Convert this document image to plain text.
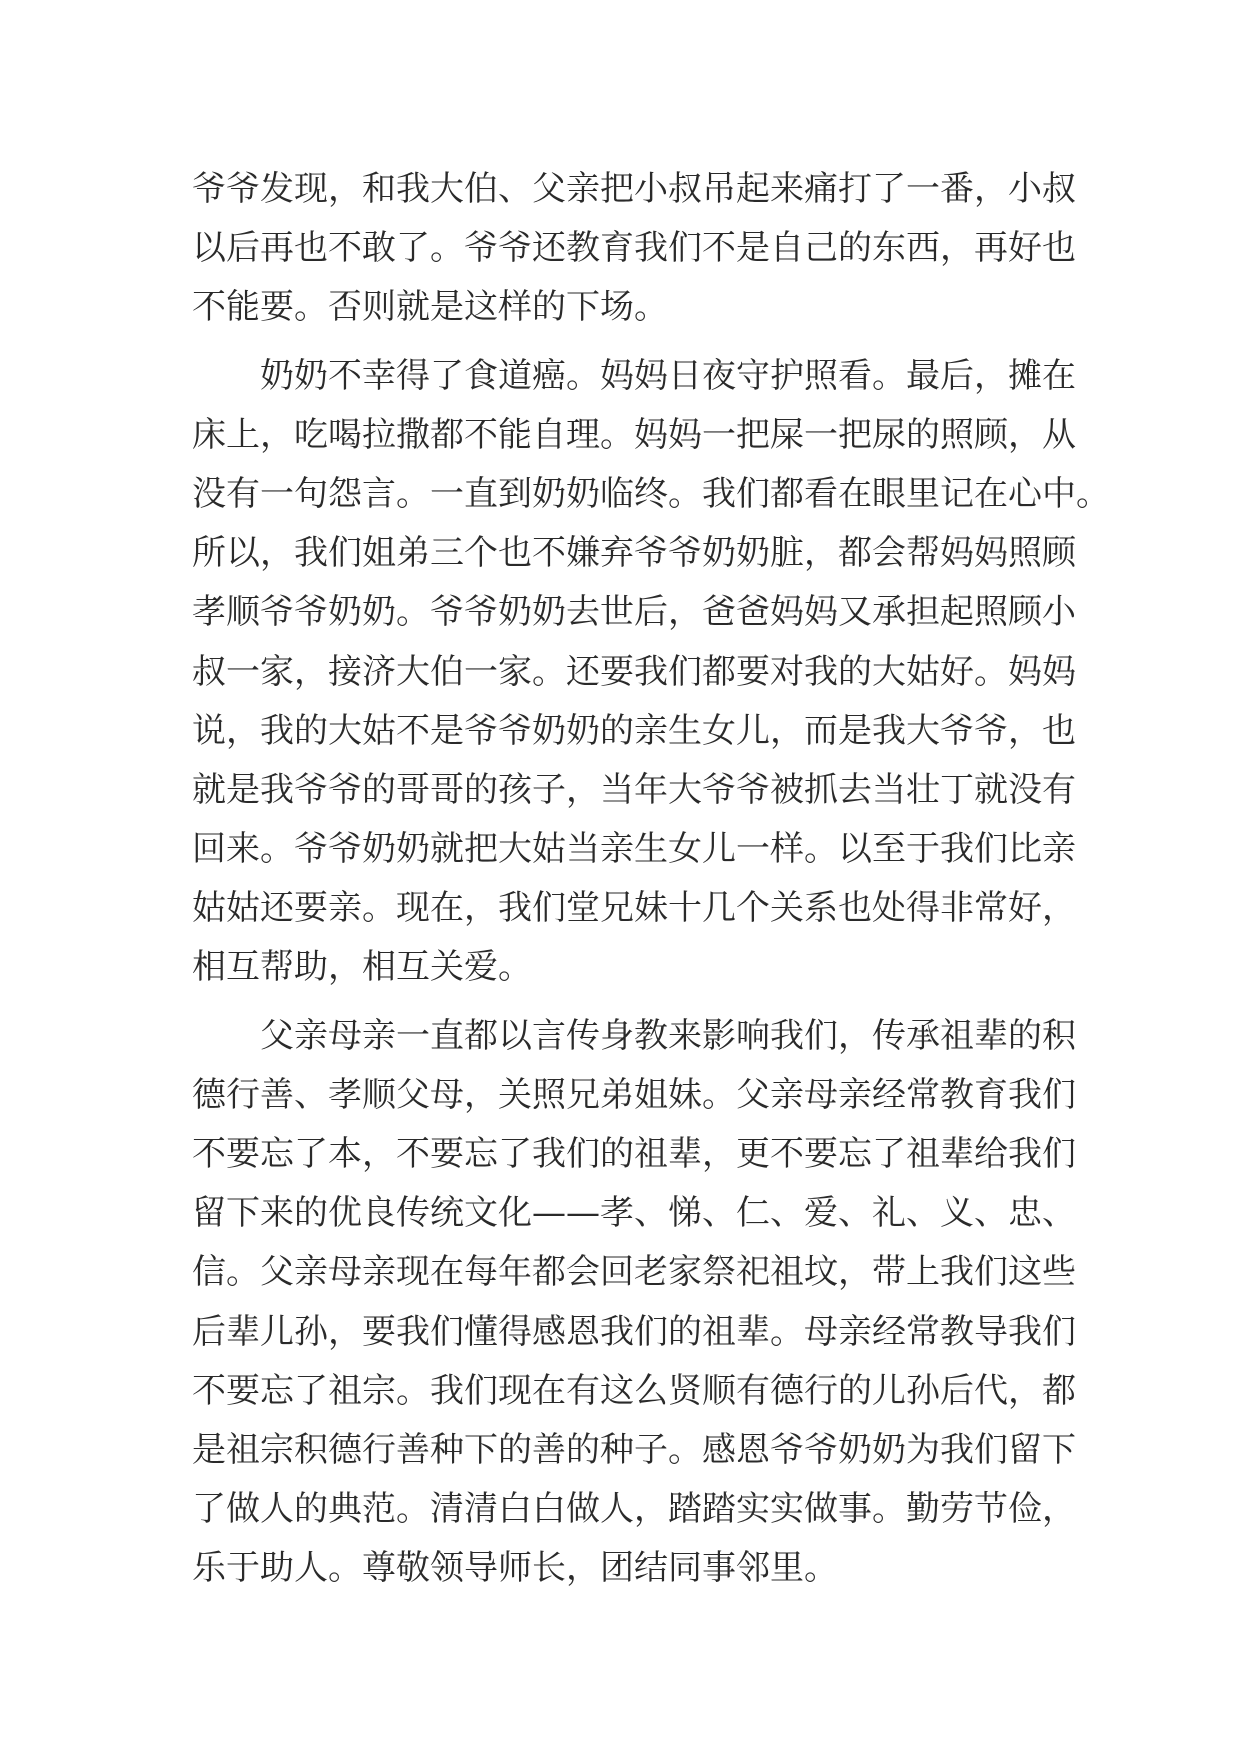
爷爷发现，和我大伯、父亲把小叔吊起来痛打了一番，小叔
以后再也不敢了。爷爷还教育我们不是自己的东西，再好也
不能要。否则就是这样的下场。
奶奶不幸得了食道癌。妈妈日夜守护照看。最后，摊在
床上，吃喝拉撒都不能自理。妈妈一把屎一把尿的照顾，从
没有一句怨言。一直到奶奶临终。我们都看在眼里记在心中。
所以，我们姐弟三个也不嫌弃爷爷奶奶脏，都会帮妈妈照顾
孝顺爷爷奶奶。爷爷奶奶去世后，爸爸妈妈又承担起照顾小
叔一家，接济大伯一家。还要我们都要对我的大姑好。妈妈
说，我的大姑不是爷爷奶奶的亲生女儿，而是我大爷爷，也
就是我爷爷的哥哥的孩子，当年大爷爷被抓去当壮丁就没有
回来。爷爷奶奶就把大姑当亲生女儿一样。以至于我们比亲
姑姑还要亲。现在，我们堂兄妹十几个关系也处得非常好，
相互帮助，相互关爱。
父亲母亲一直都以言传身教来影响我们，传承祖辈的积
德行善、孝顺父母，关照兄弟姐妹。父亲母亲经常教育我们
不要忘了本，不要忘了我们的祖辈，更不要忘了祖辈给我们
留下来的优良传统文化——孝、悌、仁、爱、礼、义、忠、
信。父亲母亲现在每年都会回老家祭祀祖坟，带上我们这些
后辈儿孙，要我们懂得感恩我们的祖辈。母亲经常教导我们
不要忘了祖宗。我们现在有这么贤顺有德行的儿孙后代，都
是祖宗积德行善种下的善的种子。感恩爷爷奶奶为我们留下
了做人的典范。清清白白做人，踏踏实实做事。勤劳节俭，
乐于助人。尊敬领导师长，团结同事邻里。
